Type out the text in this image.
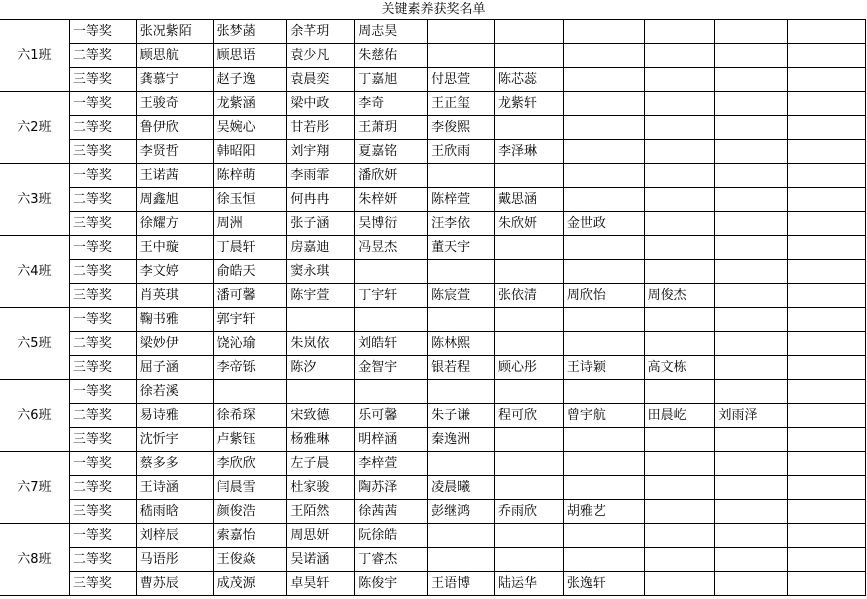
关键素养获奖名单
六1班	一等奖	张况紫陌	张梦菡	余芊玥	周志昊						
	二等奖	顾思航	顾思语	袁少凡	朱慈佑						
	三等奖	龚慕宁	赵子逸	袁晨奕	丁嘉旭	付思萱	陈芯蕊				
六2班	一等奖	王骏奇	龙紫涵	梁中政	李奇	王正玺	龙紫轩				
	二等奖	鲁伊欣	吴婉心	甘若彤	王萧玥	李俊熙					
	三等奖	李贤哲	韩昭阳	刘宇翔	夏嘉铭	王欣雨	李泽琳				
六3班	一等奖	王诺茜	陈梓萌	李雨霏	潘欣妍						
	二等奖	周鑫旭	徐玉恒	何冉冉	朱梓妍	陈梓萱	戴思涵				
	三等奖	徐耀方	周洲	张子涵	吴博衍	汪李依	朱欣妍	金世政			
六4班	一等奖	王中璇	丁晨轩	房嘉迪	冯昱杰	董天宇					
	二等奖	李文婷	俞皓天	窦永琪							
	三等奖	肖英琪	潘可馨	陈宇萱	丁宇轩	陈宸萱	张依清	周欣怡	周俊杰		
六5班	一等奖	鞠书雅	郭宇轩								
	二等奖	梁妙伊	饶沁瑜	朱岚依	刘皓轩	陈林熙					
	三等奖	屈子涵	李帝铄	陈汐	金智宇	银若程	顾心彤	王诗颖	高文栋		
六6班	一等奖	徐若溪									
	二等奖	易诗雅	徐希琛	宋致德	乐可馨	朱子谦	程可欣	曾宇航	田晨屹	刘雨泽	
	三等奖	沈忻宇	卢紫钰	杨雅琳	明梓涵	秦逸洲					
六7班	一等奖	蔡多多	李欣欣	左子晨	李梓萱						
	二等奖	王诗涵	闫晨雪	杜家骏	陶苏泽	凌晨曦					
	三等奖	嵇雨晗	颜俊浩	王陌然	徐茜茜	彭继鸿	乔雨欣	胡雅艺			
六8班	一等奖	刘梓辰	索嘉怡	周思妍	阮徐皓						
	二等奖	马语彤	王俊焱	吴诺涵	丁睿杰						
	三等奖	曹苏辰	成茂源	卓昊轩	陈俊宇	王语博	陆运华	张逸轩			
